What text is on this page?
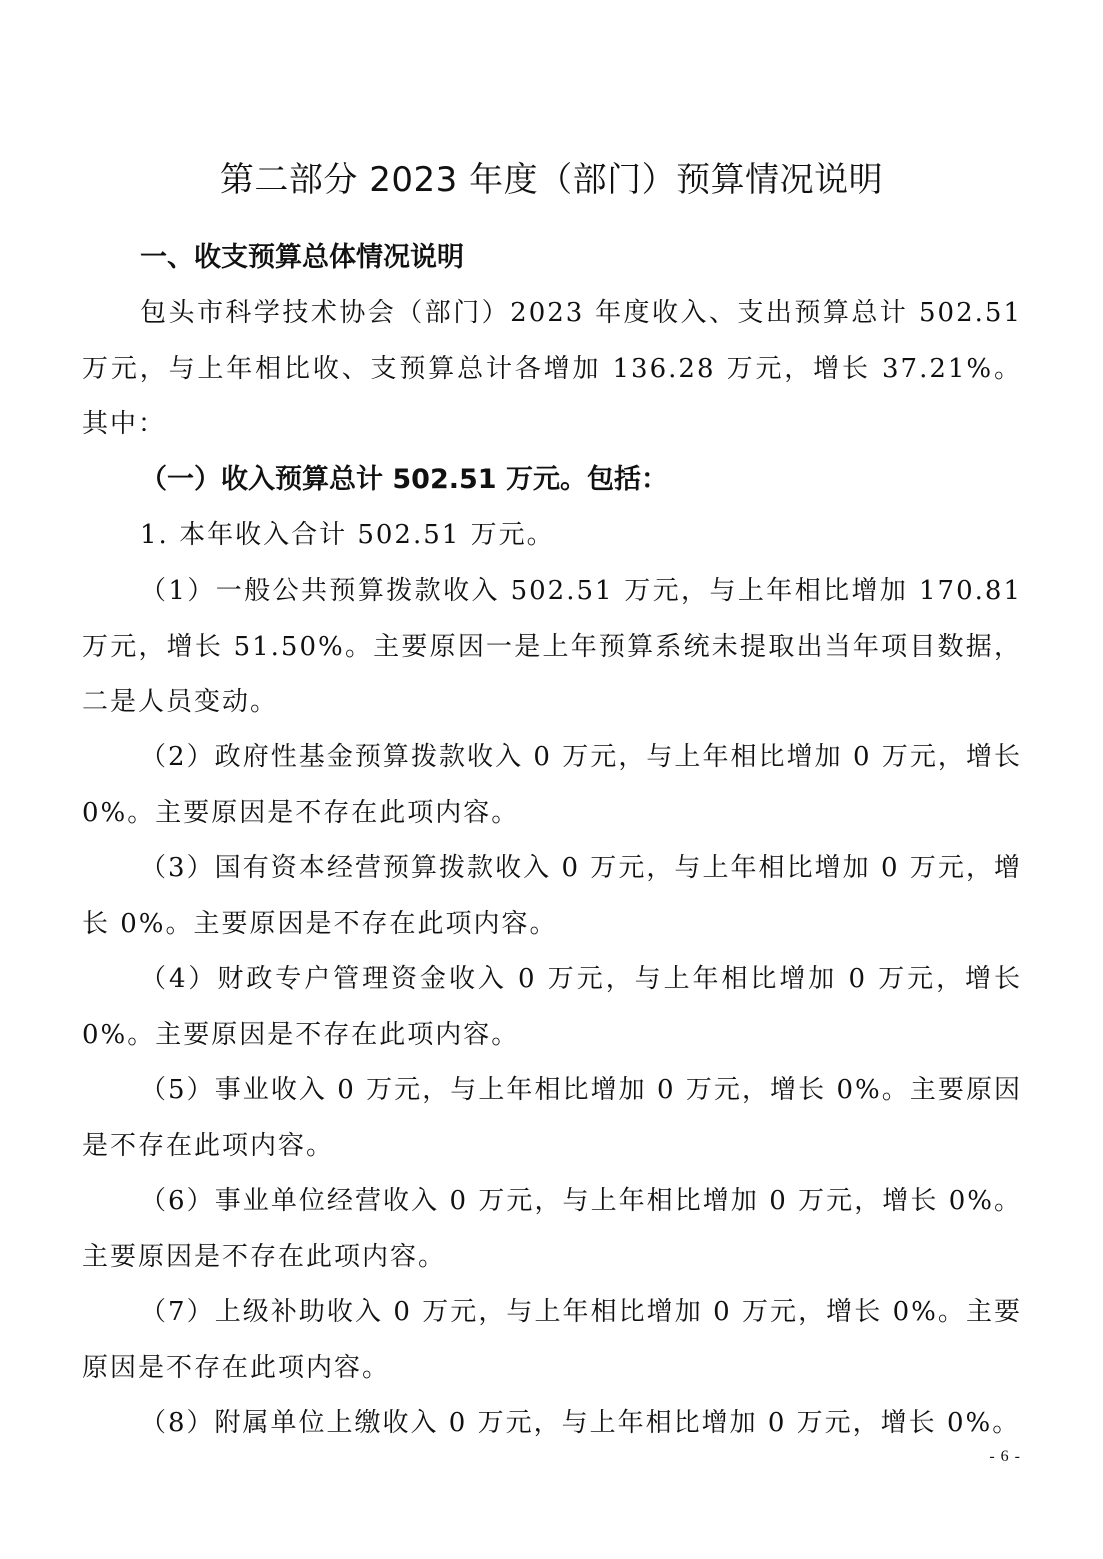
第二部分 2023 年度（部门）预算情况说明
一、收支预算总体情况说明
包头市科学技术协会（部门）2023 年度收入、支出预算总计 502.51 万元，与上年相比收、支预算总计各增加 136.28 万元，增长 37.21%。其中：
（一）收入预算总计 502.51 万元。包括：
1. 本年收入合计 502.51 万元。
（1）一般公共预算拨款收入 502.51 万元，与上年相比增加 170.81 万元，增长 51.50%。主要原因一是上年预算系统未提取出当年项目数据，二是人员变动。
（2）政府性基金预算拨款收入 0 万元，与上年相比增加 0 万元，增长 0%。主要原因是不存在此项内容。
（3）国有资本经营预算拨款收入 0 万元，与上年相比增加 0 万元，增长 0%。主要原因是不存在此项内容。
（4）财政专户管理资金收入 0 万元，与上年相比增加 0 万元，增长 0%。主要原因是不存在此项内容。
（5）事业收入 0 万元，与上年相比增加 0 万元，增长 0%。主要原因是不存在此项内容。
（6）事业单位经营收入 0 万元，与上年相比增加 0 万元，增长 0%。主要原因是不存在此项内容。
（7）上级补助收入 0 万元，与上年相比增加 0 万元，增长 0%。主要原因是不存在此项内容。
（8）附属单位上缴收入 0 万元，与上年相比增加 0 万元，增长 0%。
- 6 -
